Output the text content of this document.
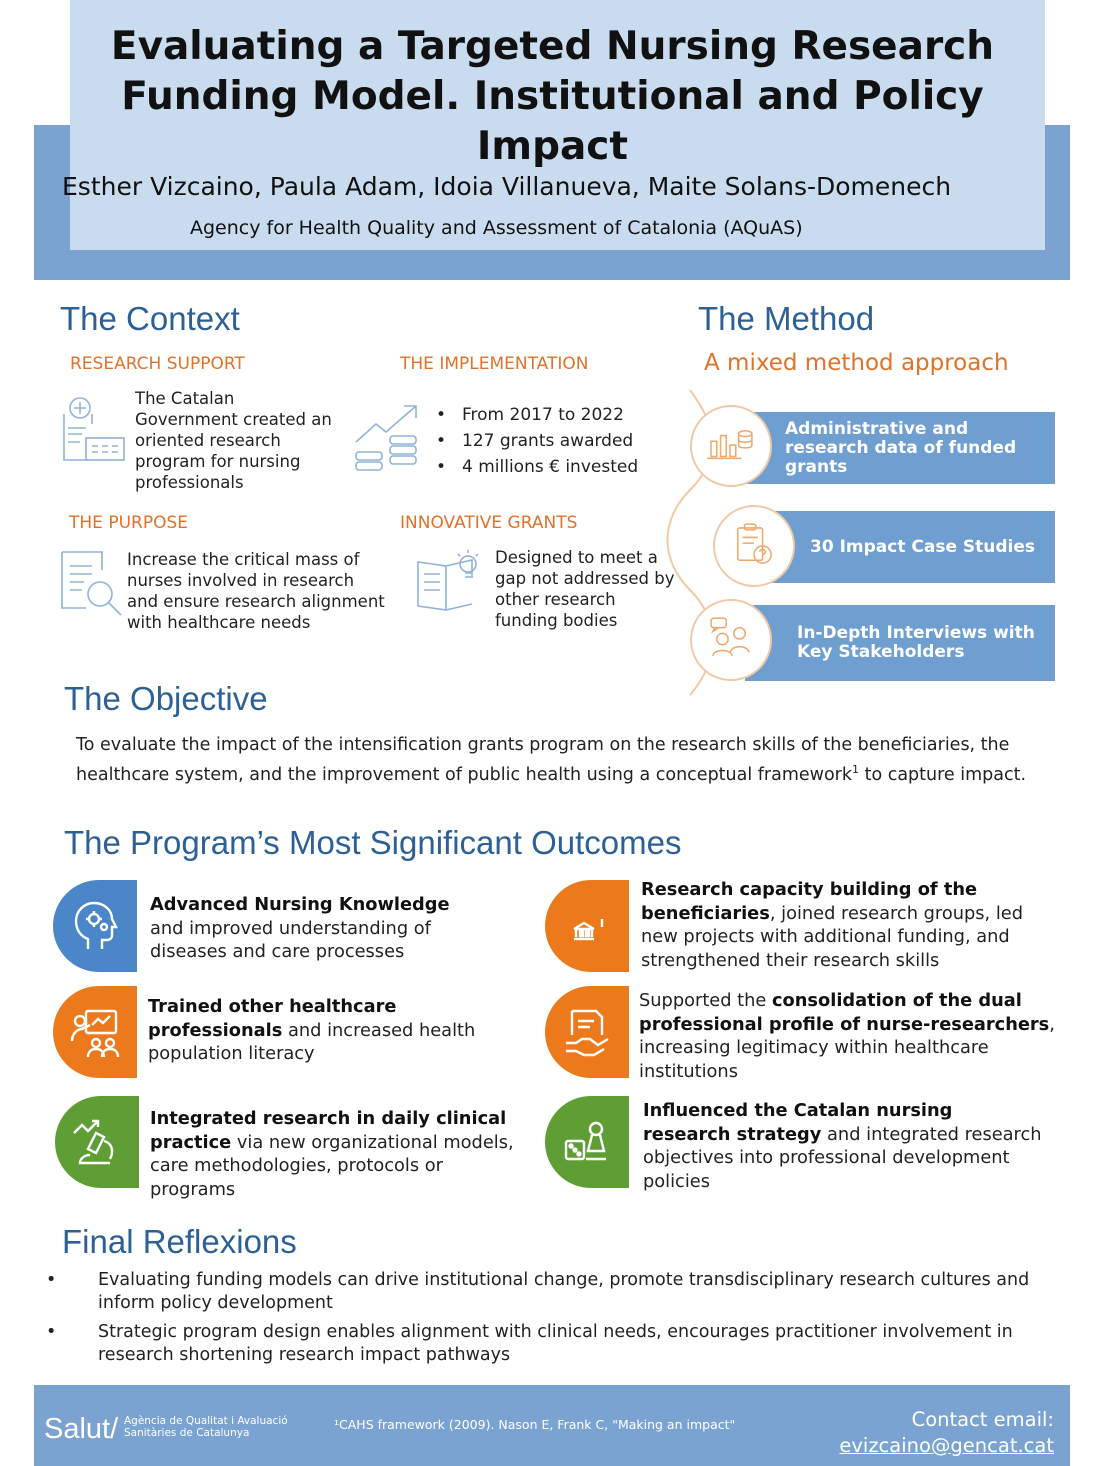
Evaluating a Targeted Nursing Research Funding Model. Institutional and Policy Impact
Esther Vizcaino, Paula Adam, Idoia Villanueva, Maite Solans-Domenech
Agency for Health Quality and Assessment of Catalonia (AQuAS)
The Context
RESEARCH SUPPORT
The Catalan Government created an oriented research program for nursing professionals
THE IMPLEMENTATION
• From 2017 to 2022
• 127 grants awarded
• 4 millions € invested
THE PURPOSE
Increase the critical mass of nurses involved in research and ensure research alignment with healthcare needs
INNOVATIVE GRANTS
Designed to meet a gap not addressed by other research funding bodies
The Method
A mixed method approach
Administrative and research data of funded grants
30 Impact Case Studies
In-Depth Interviews with Key Stakeholders
The Objective

To evaluate the impact of the intensification grants program on the research skills of the beneficiaries, the healthcare system, and the improvement of public health using a conceptual framework$^1$ to capture impact.

The Program’s Most Significant Outcomes
Advanced Nursing Knowledge and improved understanding of diseases and care processes
Research capacity building of the beneficiaries, joined research groups, led new projects with additional funding, and strengthened their research skills
Trained other healthcare professionals and increased health population literacy
Supported the consolidation of the dual professional profile of nurse-researchers, increasing legitimacy within healthcare institutions
Integrated research in daily clinical practice via new organizational models, care methodologies, protocols or programs
Influenced the Catalan nursing research strategy and integrated research objectives into professional development policies
Final Reflexions
• Evaluating funding models can drive institutional change, promote transdisciplinary research cultures and inform policy development
• Strategic program design enables alignment with clinical needs, encourages practitioner involvement in research shortening research impact pathways
Salut/ Agència de Qualitat i Avaluació
Sanitàries de Catalunya
¹CAHS framework (2009). Nason E, Frank C, "Making an impact"	Contact email:
evizcaino@gencat.cat
